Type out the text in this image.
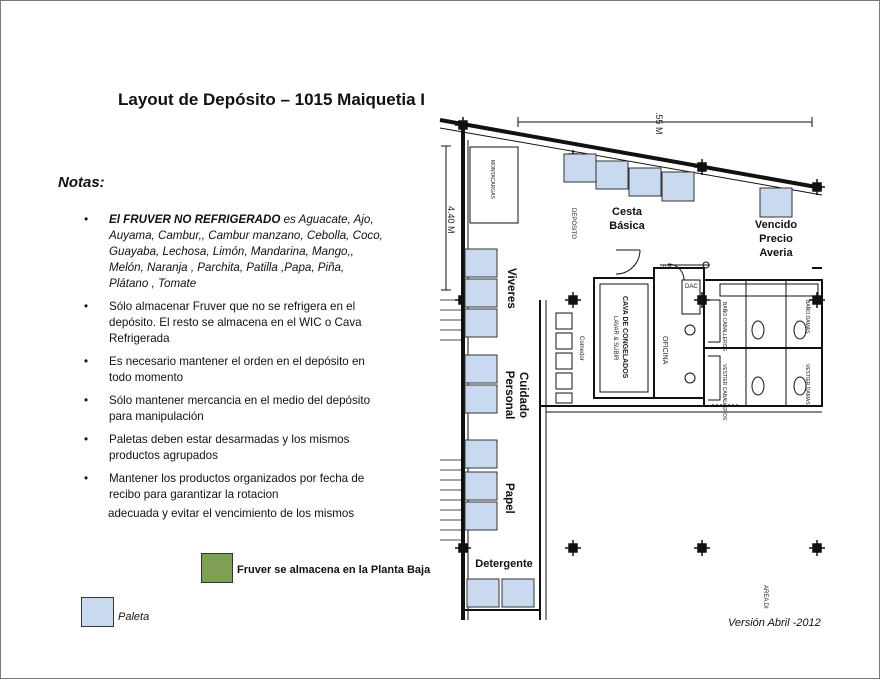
Layout de Depósito – 1015 Maiquetia I
Notas:
• El FRUVER NO REFRIGERADO es Aguacate, Ajo, Auyama, Cambur,, Cambur manzano, Cebolla, Coco, Guayaba, Lechosa, Limón, Mandarina, Mango,, Melón, Naranja , Parchita, Patilla ,Papa, Piña, Plátano , Tomate
• Sólo almacenar Fruver que no se refrigera en el depósito. El resto se almacena en el WIC o Cava Refrigerada
• Es necesario mantener el orden en el depósito en todo momento
• Sólo mantener mercancia en el medio del depósito para manipulación
• Paletas deben estar desarmadas y los mismos productos agrupados
• Mantener los productos organizados por fecha de recibo para garantizar la rotacion
adecuada y evitar el vencimiento de los mismos
Fruver se almacena en la Planta Baja
Paleta
Cesta Básica	Vencido Precio Averia
Detergente
Viveres
Cuidado Personal
Papel
CAVA DE CONGELADOS
LAVAR & SUBIR	OFICINA
Comedor
DEPÓSITO
MONTACARGAS
AREA DI
.55 M
4.40 M
0.8
DAC
BAÑO CABALLEROS	BAÑO DAMAS
VESTIER CABALLEROS	VESTIER DAMAS
Versión Abril -2012
